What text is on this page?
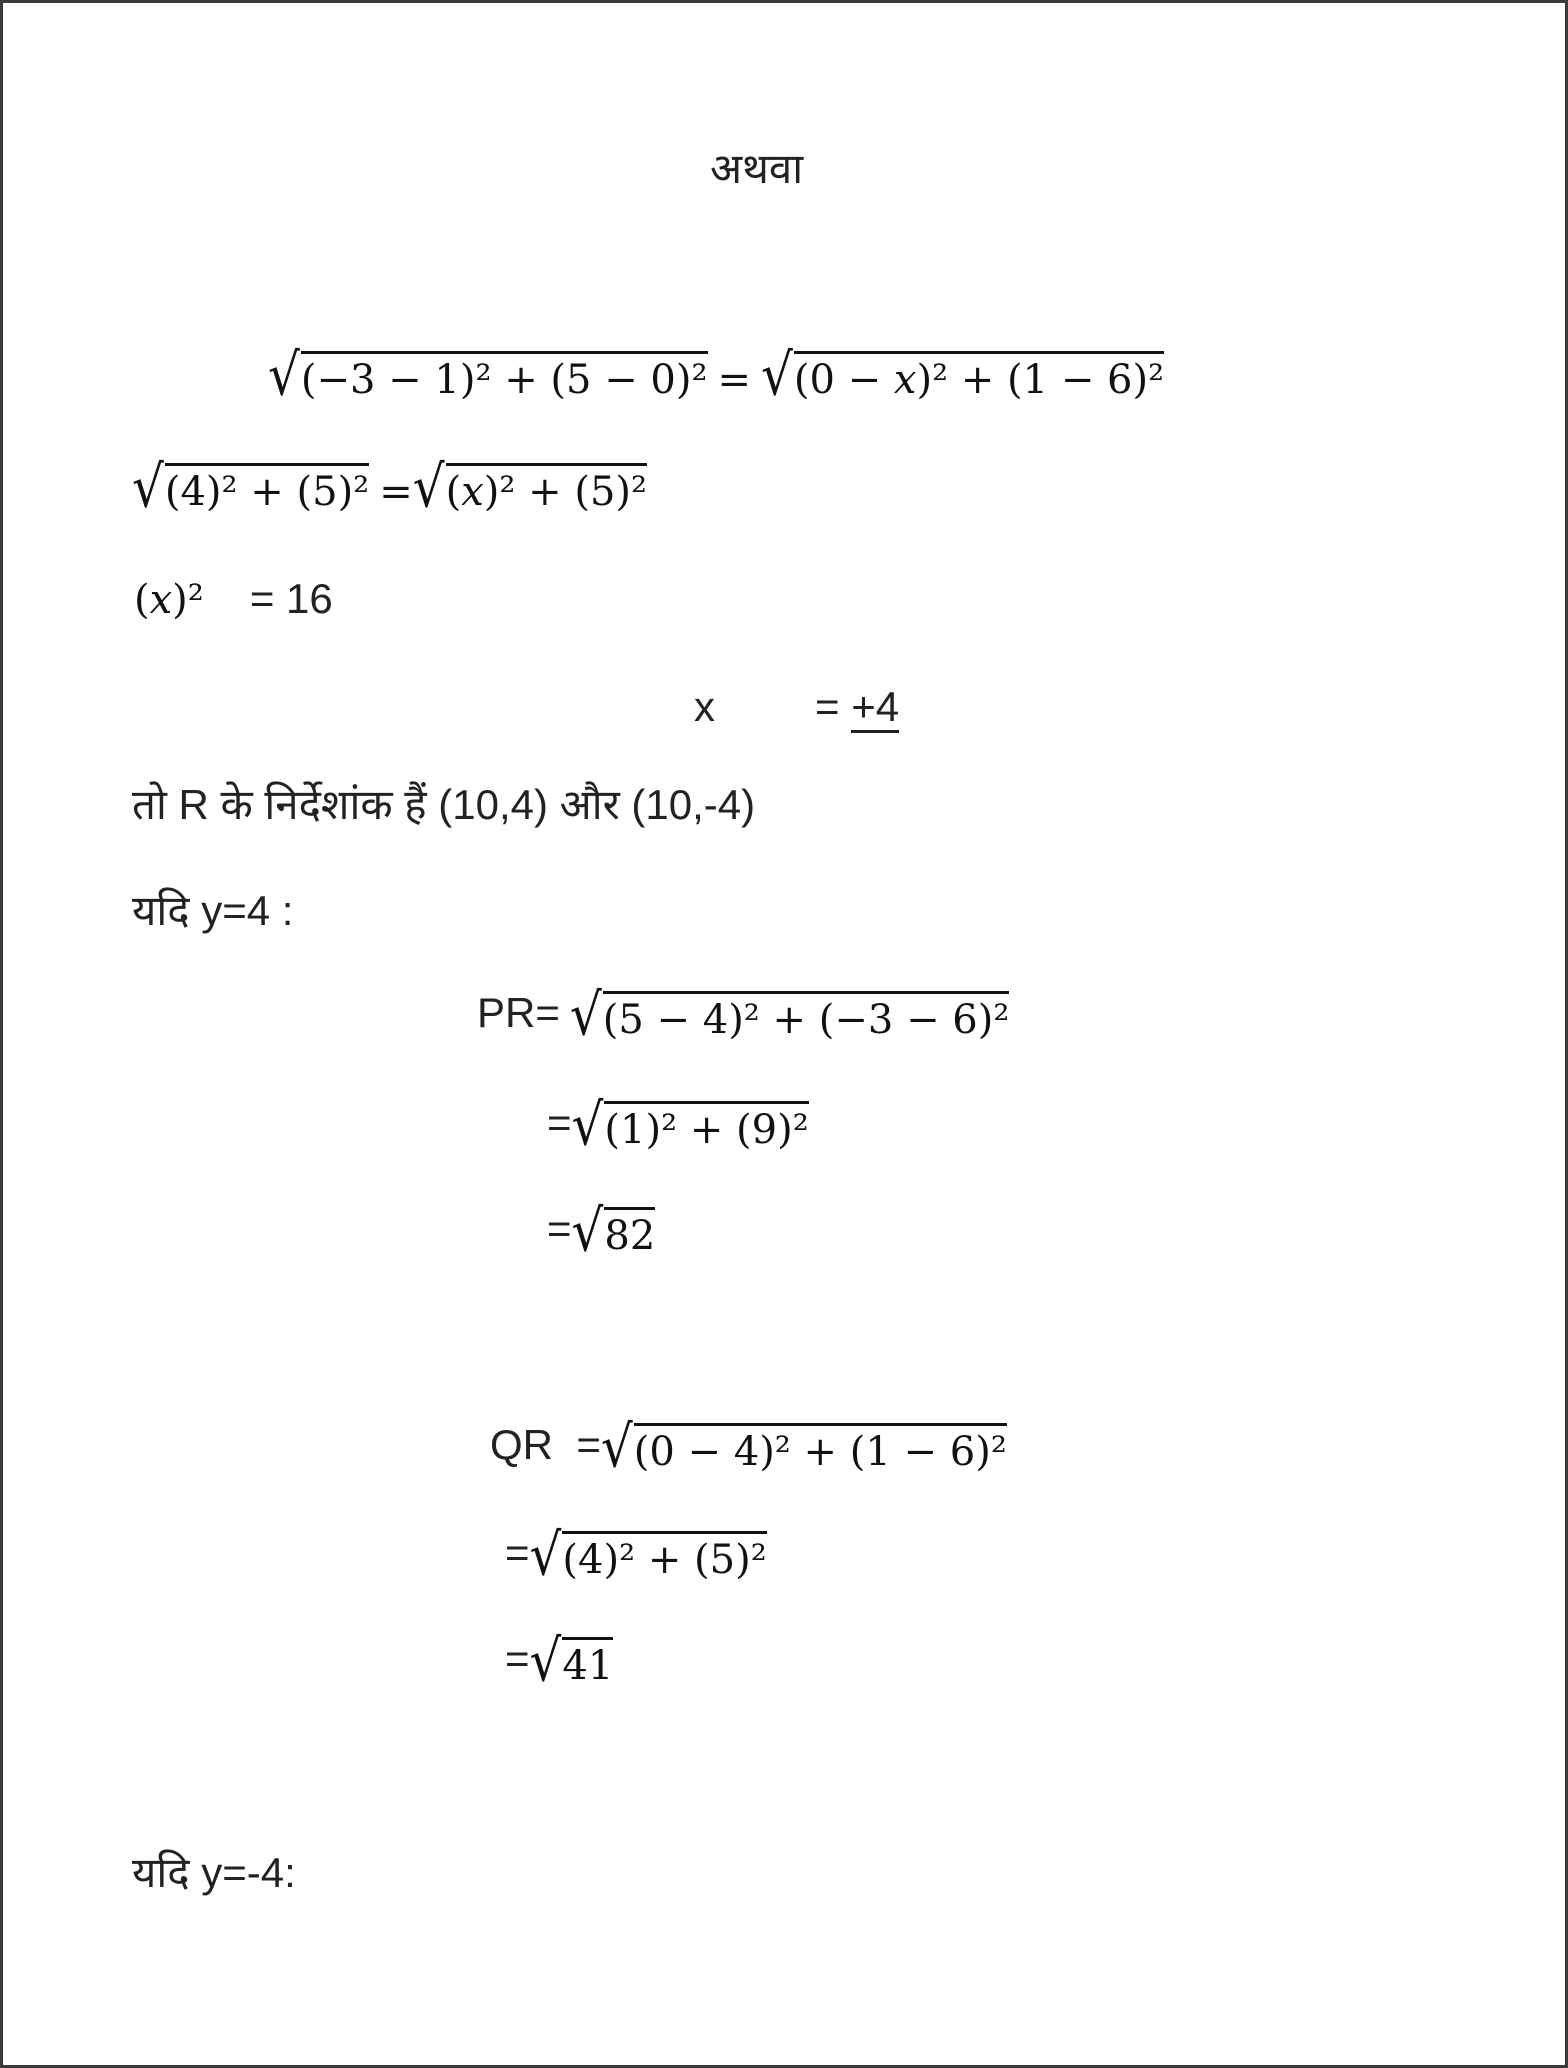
अथवा
√ (−3 − 1)² + (5 − 0)² = √ (0 − 𝑥)² + (1 − 6)²
√ (4)² + (5)² = √ (𝑥)² + (5)²
(𝑥)² = 16
x = +4
तो R के निर्देशांक हैं (10,4) और (10,-4)
यदि y=4 :
PR= √ (5 − 4)² + (−3 − 6)²
= √ (1)² + (9)²
= √ 82
QR  = √ (0 − 4)² + (1 − 6)²
= √ (4)² + (5)²
= √ 41
यदि y=-4:
